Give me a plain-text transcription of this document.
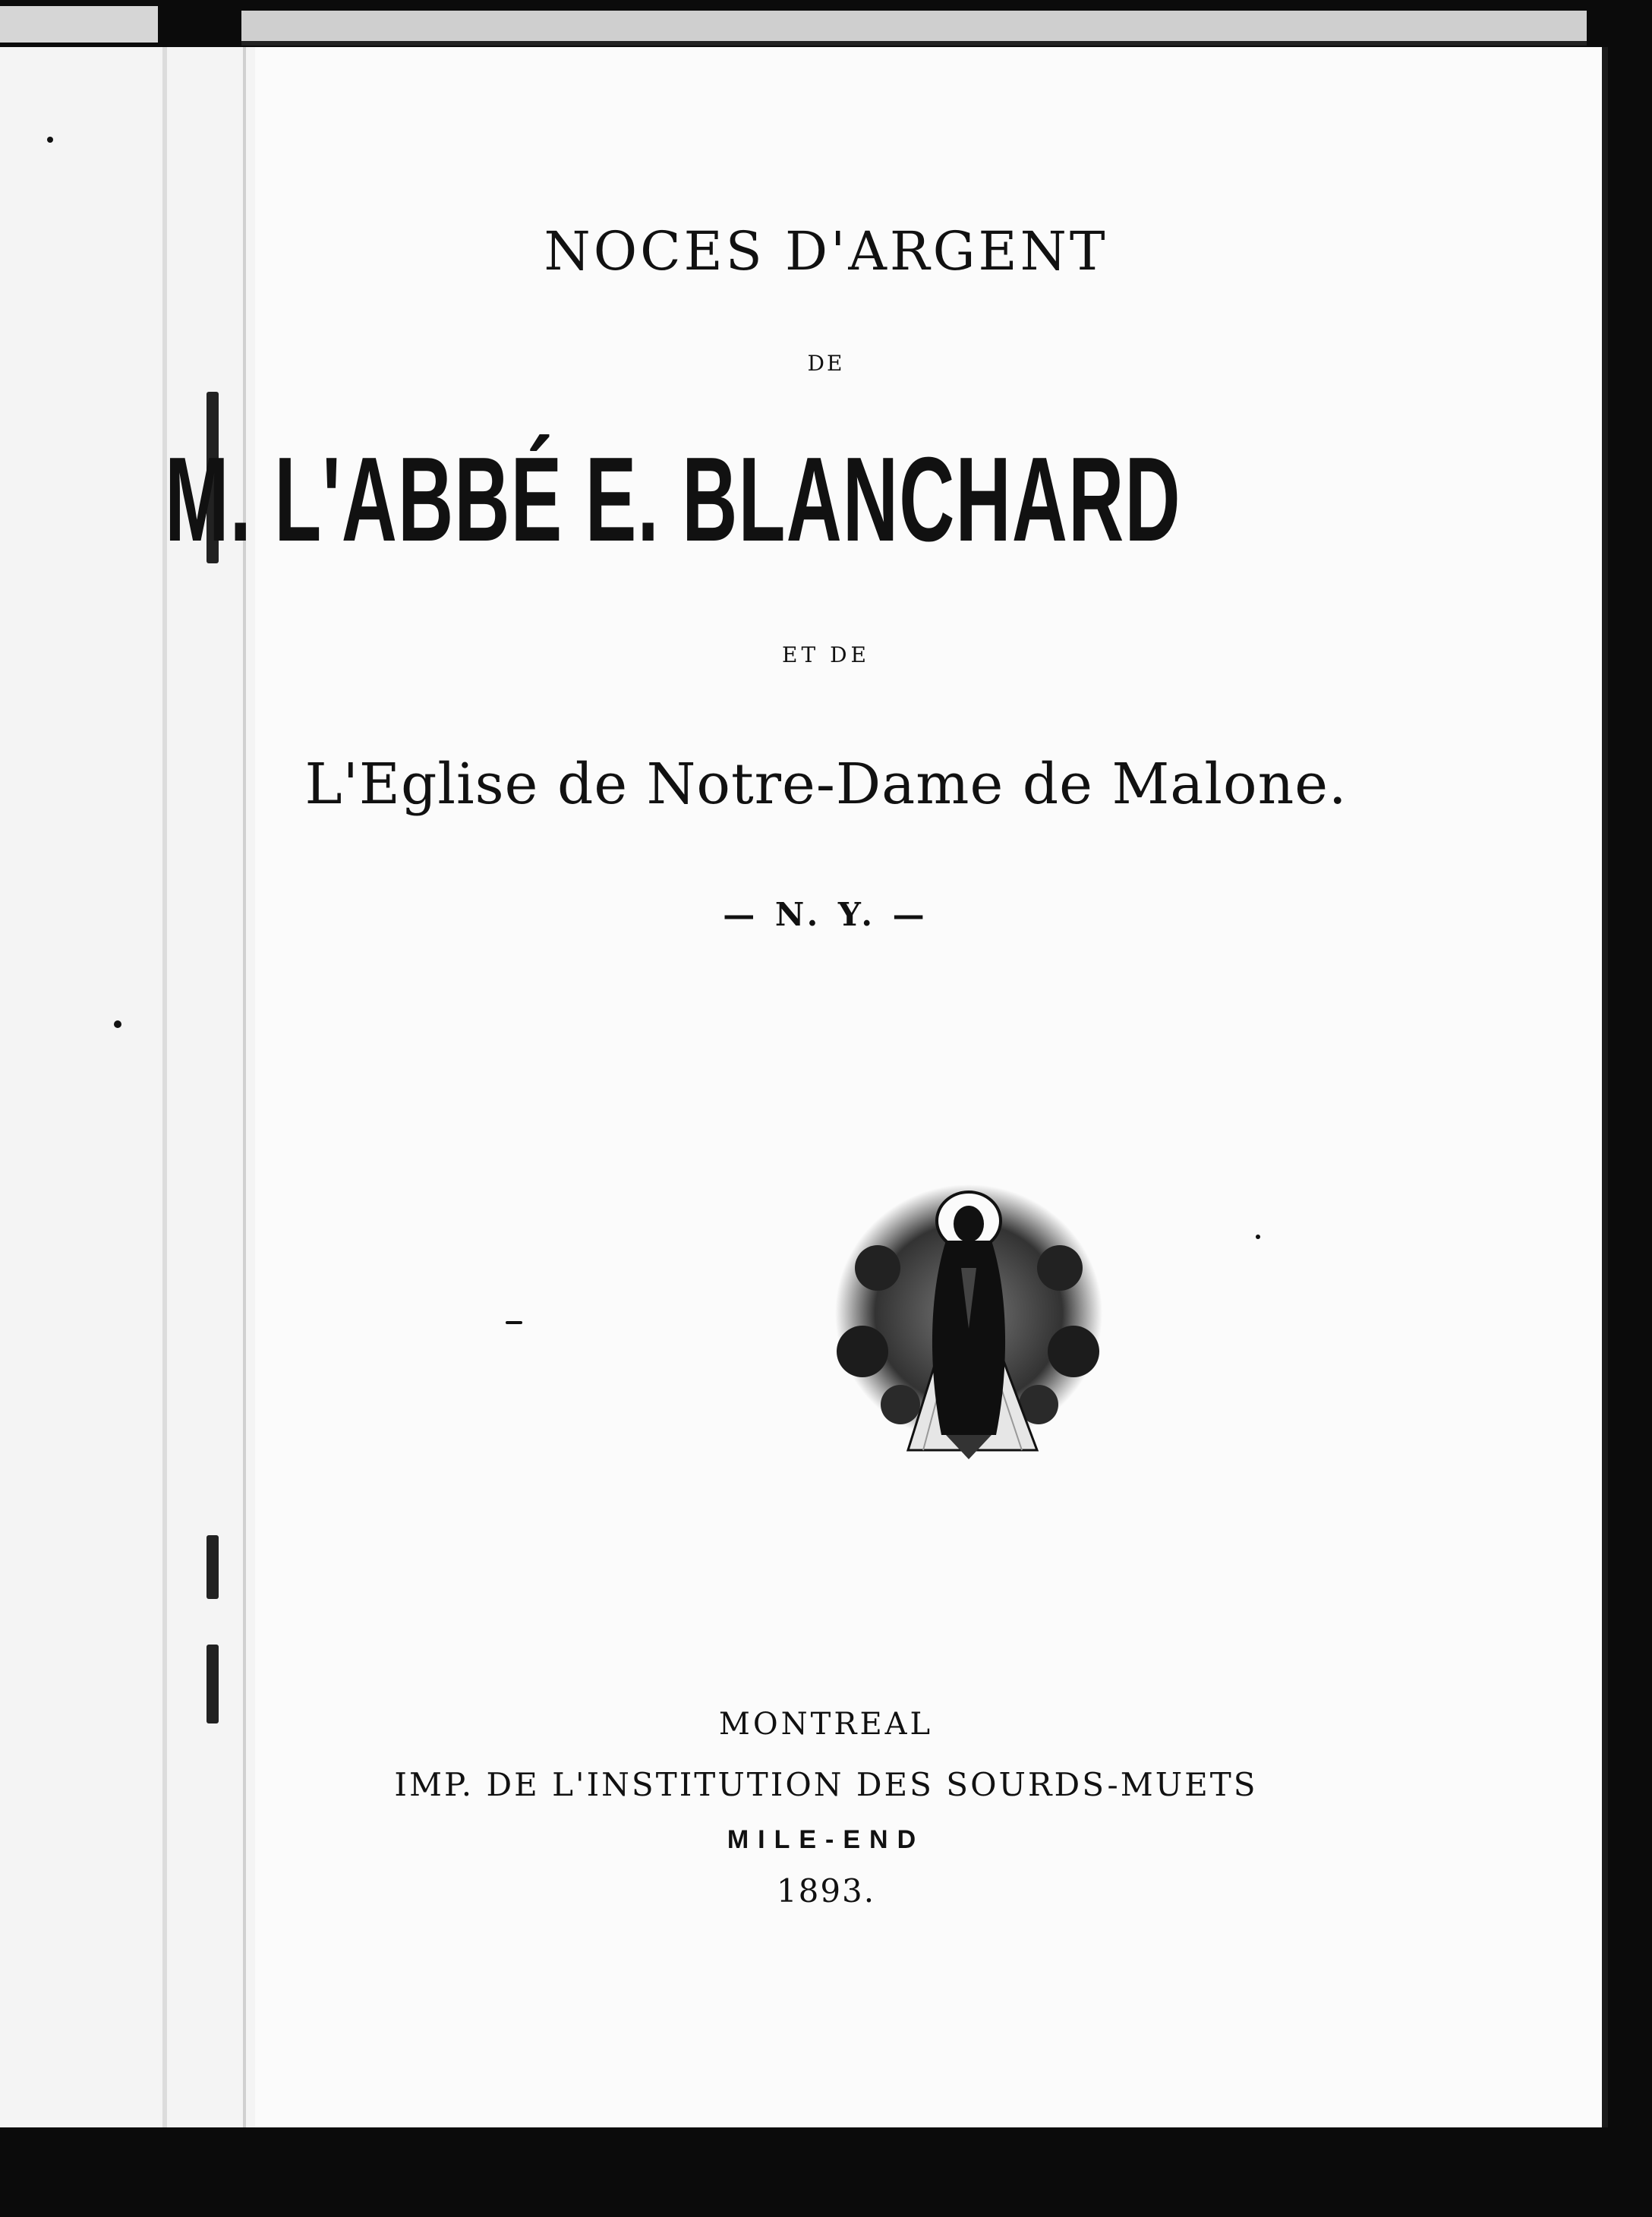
NOCES D'ARGENT
DE
M. L'ABBÉ E. BLANCHARD
ET DE
L'Eglise de Notre-Dame de Malone.
— N. Y. —
MONTREAL
IMP. DE L'INSTITUTION DES SOURDS-MUETS
MILE-END
1893.
